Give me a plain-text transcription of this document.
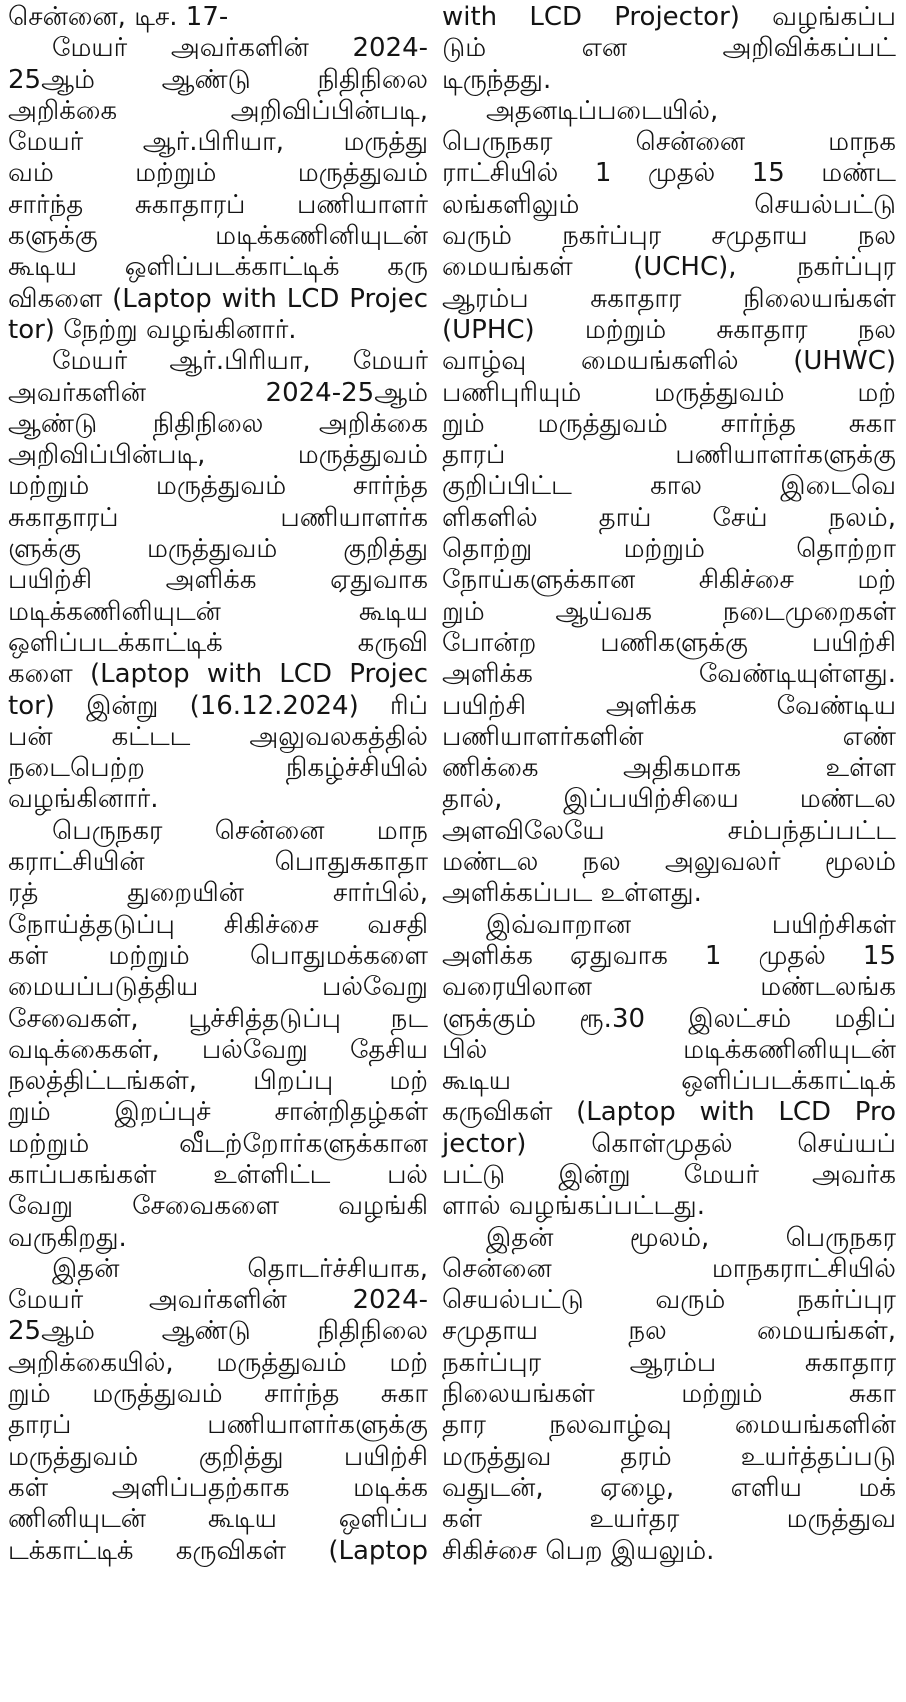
சென்னை, டிச. 17-
மேயர் அவர்களின் 2024-
25ஆம் ஆண்டு நிதிநிலை
அறிக்கை அறிவிப்பின்படி,
மேயர் ஆர்.பிரியா, மருத்து
வம் மற்றும் மருத்துவம்
சார்ந்த சுகாதாரப் பணியாளர்
களுக்கு மடிக்கணினியுடன்
கூடிய ஒளிப்படக்காட்டிக் கரு
விகளை (Laptop with LCD Projec
tor) நேற்று வழங்கினார்.
மேயர் ஆர்.பிரியா, மேயர்
அவர்களின் 2024-25ஆம்
ஆண்டு நிதிநிலை அறிக்கை
அறிவிப்பின்படி, மருத்துவம்
மற்றும் மருத்துவம் சார்ந்த
சுகாதாரப் பணியாளர்க
ளுக்கு மருத்துவம் குறித்து
பயிற்சி அளிக்க ஏதுவாக
மடிக்கணினியுடன் கூடிய
ஒளிப்படக்காட்டிக் கருவி
களை (Laptop with LCD Projec
tor) இன்று (16.12.2024) ரிப்
பன் கட்டட அலுவலகத்தில்
நடைபெற்ற நிகழ்ச்சியில்
வழங்கினார்.
பெருநகர சென்னை மாந
கராட்சியின் பொதுசுகாதா
ரத் துறையின் சார்பில்,
நோய்த்தடுப்பு சிகிச்சை வசதி
கள் மற்றும் பொதுமக்களை
மையப்படுத்திய பல்வேறு
சேவைகள், பூச்சித்தடுப்பு நட
வடிக்கைகள், பல்வேறு தேசிய
நலத்திட்டங்கள், பிறப்பு மற்
றும் இறப்புச் சான்றிதழ்கள்
மற்றும் வீடற்றோர்களுக்கான
காப்பகங்கள் உள்ளிட்ட பல்
வேறு சேவைகளை வழங்கி
வருகிறது.
இதன் தொடர்ச்சியாக,
மேயர் அவர்களின் 2024-
25ஆம் ஆண்டு நிதிநிலை
அறிக்கையில், மருத்துவம் மற்
றும் மருத்துவம் சார்ந்த சுகா
தாரப் பணியாளர்களுக்கு
மருத்துவம் குறித்து பயிற்சி
கள் அளிப்பதற்காக மடிக்க
ணினியுடன் கூடிய ஒளிப்ப
டக்காட்டிக் கருவிகள் (Laptop
with LCD Projector) வழங்கப்ப
டும் என அறிவிக்கப்பட்
டிருந்தது.
அதனடிப்படையில்,
பெருநகர சென்னை மாநக
ராட்சியில் 1 முதல் 15 மண்ட
லங்களிலும் செயல்பட்டு
வரும் நகர்ப்புர சமுதாய நல
மையங்கள் (UCHC), நகர்ப்புர
ஆரம்ப சுகாதார நிலையங்கள்
(UPHC) மற்றும் சுகாதார நல
வாழ்வு மையங்களில் (UHWC)
பணிபுரியும் மருத்துவம் மற்
றும் மருத்துவம் சார்ந்த சுகா
தாரப் பணியாளர்களுக்கு
குறிப்பிட்ட கால இடைவெ
ளிகளில் தாய் சேய் நலம்,
தொற்று மற்றும் தொற்றா
நோய்களுக்கான சிகிச்சை மற்
றும் ஆய்வக நடைமுறைகள்
போன்ற பணிகளுக்கு பயிற்சி
அளிக்க வேண்டியுள்ளது.
பயிற்சி அளிக்க வேண்டிய
பணியாளர்களின் எண்
ணிக்கை அதிகமாக உள்ள
தால், இப்பயிற்சியை மண்டல
அளவிலேயே சம்பந்தப்பட்ட
மண்டல நல அலுவலர் மூலம்
அளிக்கப்பட உள்ளது.
இவ்வாறான பயிற்சிகள்
அளிக்க ஏதுவாக 1 முதல் 15
வரையிலான மண்டலங்க
ளுக்கும் ரூ.30 இலட்சம் மதிப்
பில் மடிக்கணினியுடன்
கூடிய ஒளிப்படக்காட்டிக்
கருவிகள் (Laptop with LCD Pro
jector) கொள்முதல் செய்யப்
பட்டு இன்று மேயர் அவர்க
ளால் வழங்கப்பட்டது.
இதன் மூலம், பெருநகர
சென்னை மாநகராட்சியில்
செயல்பட்டு வரும் நகர்ப்புர
சமுதாய நல மையங்கள்,
நகர்ப்புர ஆரம்ப சுகாதார
நிலையங்கள் மற்றும் சுகா
தார நலவாழ்வு மையங்களின்
மருத்துவ தரம் உயர்த்தப்படு
வதுடன், ஏழை, எளிய மக்
கள் உயர்தர மருத்துவ
சிகிச்சை பெற இயலும்.
